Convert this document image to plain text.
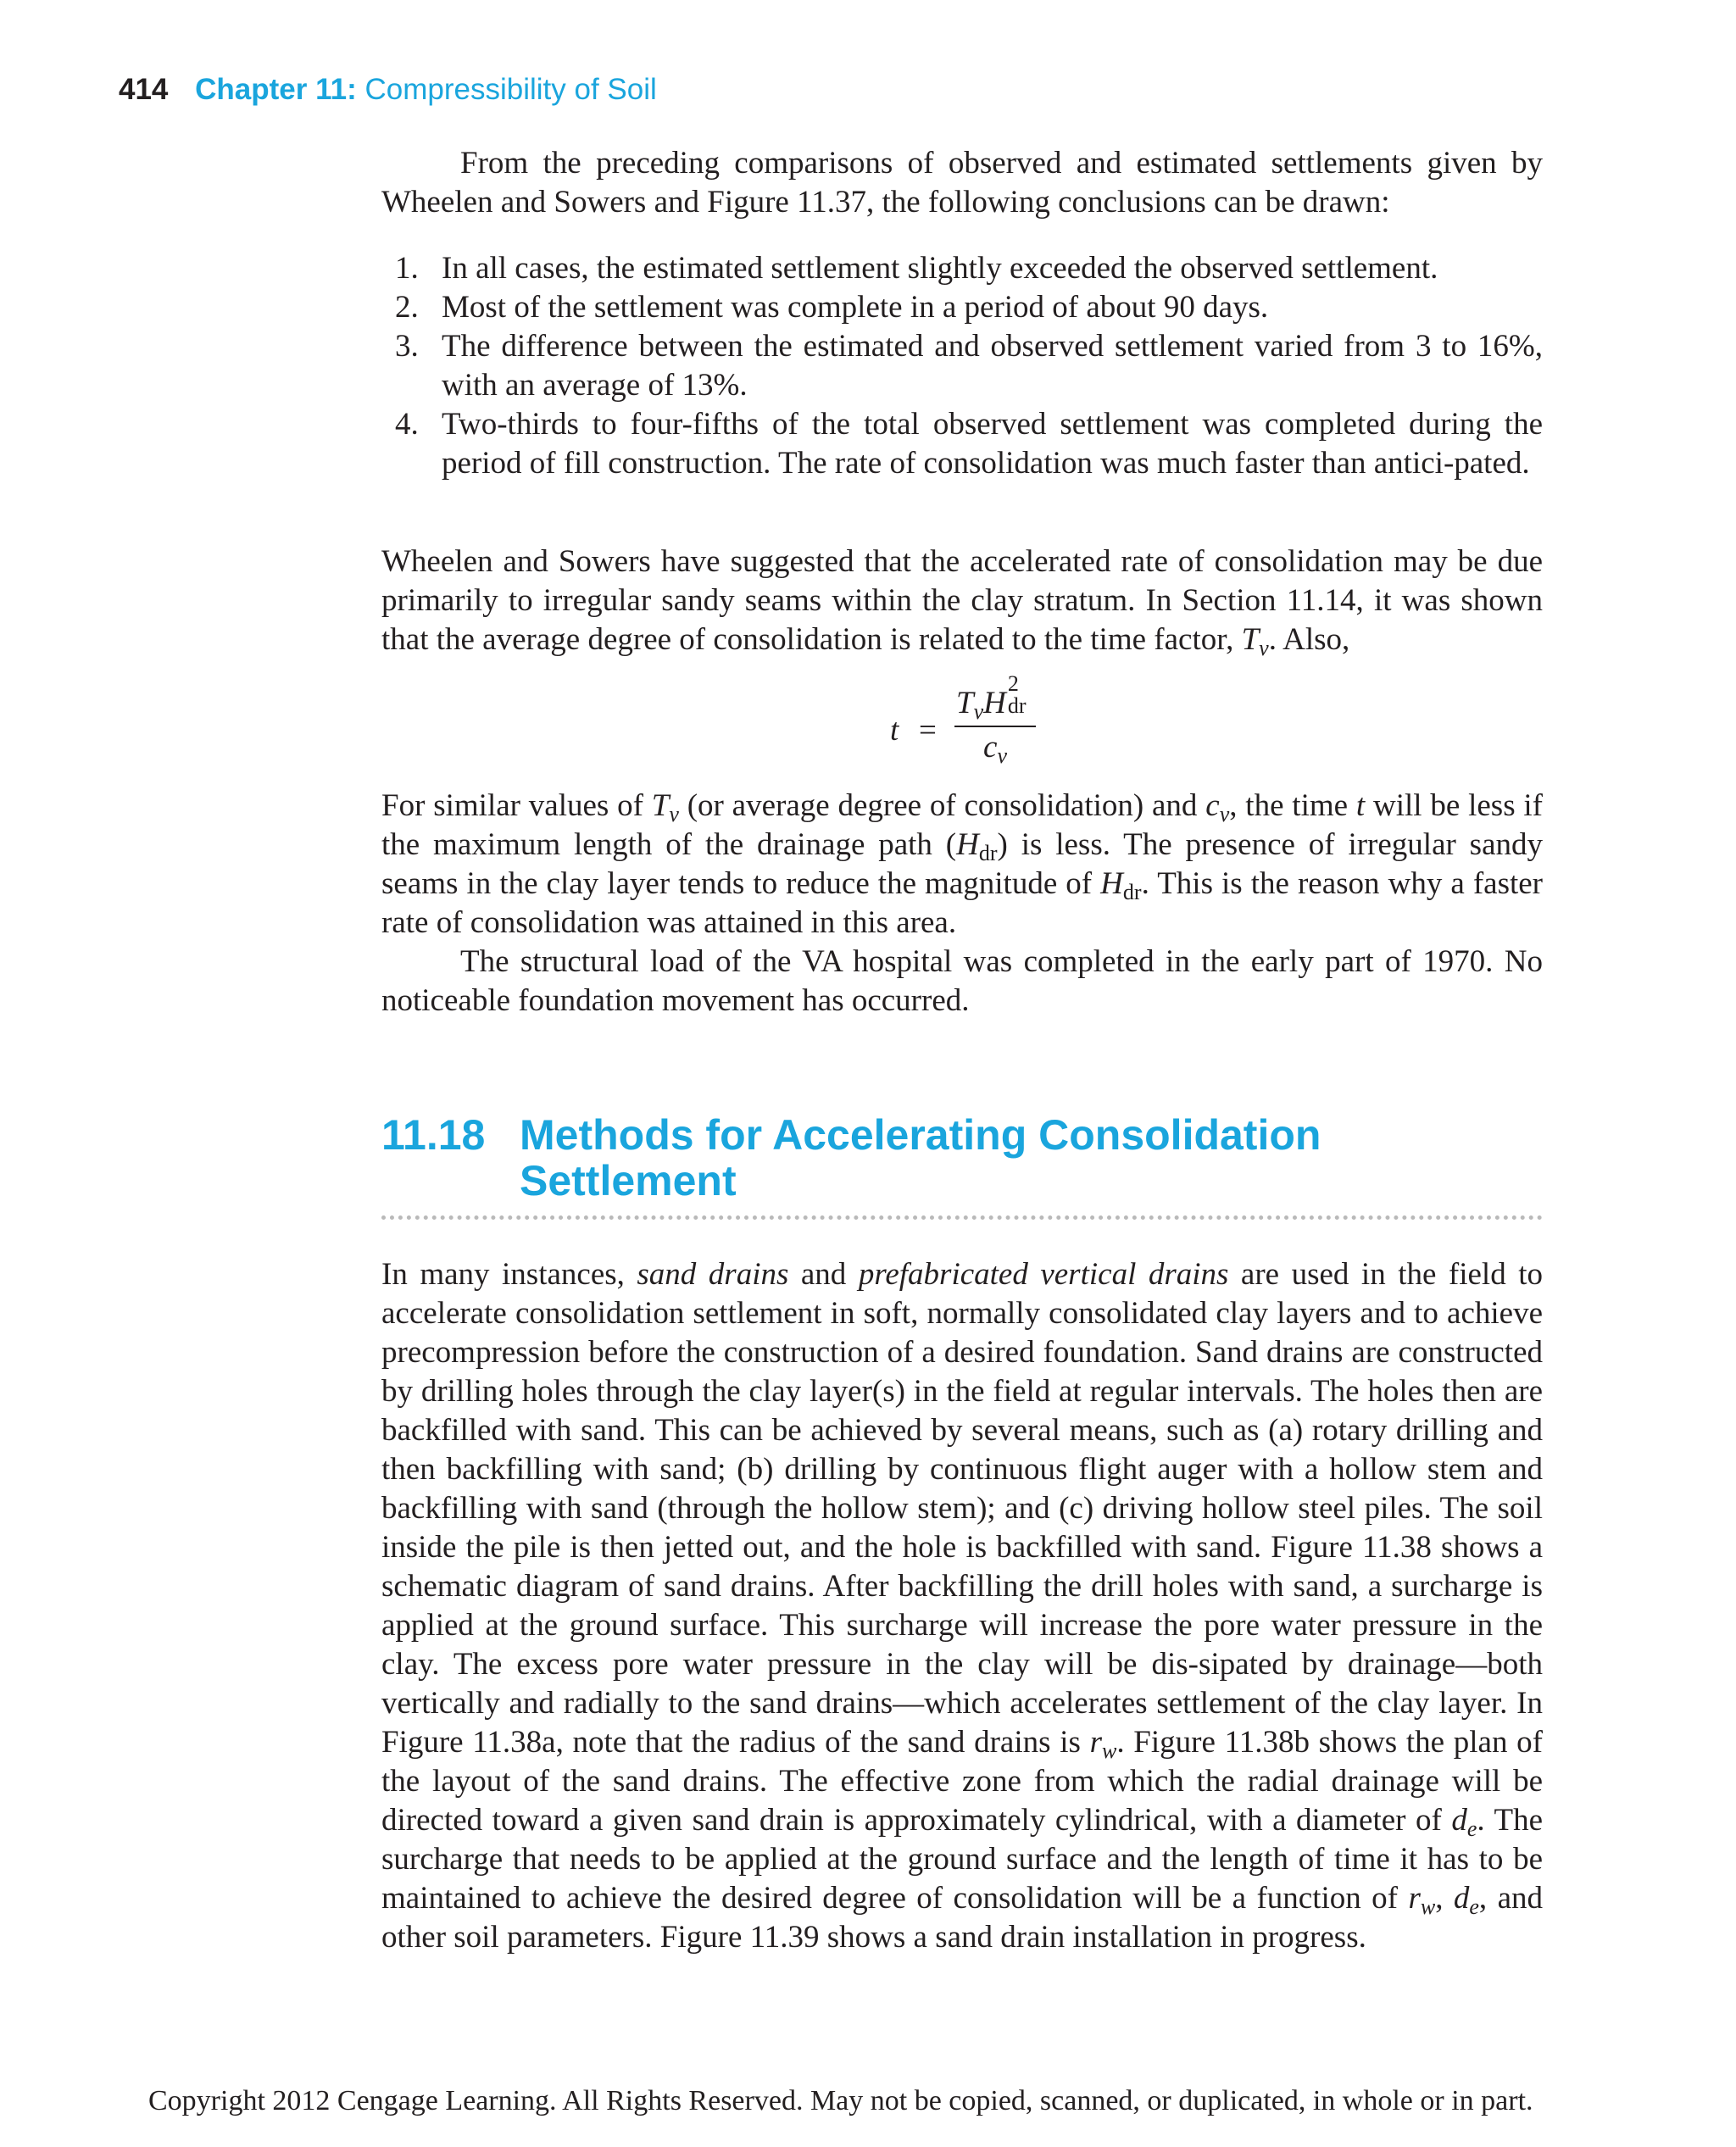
414 Chapter 11: Compressibility of Soil

From the preceding comparisons of observed and estimated settlements given by Wheelen and Sowers and Figure 11.37, the following conclusions can be drawn:

1. In all cases, the estimated settlement slightly exceeded the observed settlement.
2. Most of the settlement was complete in a period of about 90 days.
3. The difference between the estimated and observed settlement varied from 3 to 16%, with an average of 13%.
4. Two-thirds to four-fifths of the total observed settlement was completed during the period of fill construction. The rate of consolidation was much faster than antici-pated.

Wheelen and Sowers have suggested that the accelerated rate of consolidation may be due primarily to irregular sandy seams within the clay stratum. In Section 11.14, it was shown that the average degree of consolidation is related to the time factor, $T_v$. Also,

t =
$T_vH$
2
dr
$c_v$

For similar values of $T_v$ (or average degree of consolidation) and $c_v$, the time t will be less if the maximum length of the drainage path $(H_{dr})$ is less. The presence of irregular sandy seams in the clay layer tends to reduce the magnitude of $H_{dr}$. This is the reason why a faster rate of consolidation was attained in this area.

The structural load of the VA hospital was completed in the early part of 1970. No noticeable foundation movement has occurred.

11.18 Methods for Accelerating Consolidation Settlement

In many instances, sand drains and prefabricated vertical drains are used in the field to accelerate consolidation settlement in soft, normally consolidated clay layers and to achieve precompression before the construction of a desired foundation. Sand drains are constructed by drilling holes through the clay layer(s) in the field at regular intervals. The holes then are backfilled with sand. This can be achieved by several means, such as (a) rotary drilling and then backfilling with sand; (b) drilling by continuous flight auger with a hollow stem and backfilling with sand (through the hollow stem); and (c) driving hollow steel piles. The soil inside the pile is then jetted out, and the hole is backfilled with sand. Figure 11.38 shows a schematic diagram of sand drains. After backfilling the drill holes with sand, a surcharge is applied at the ground surface. This surcharge will increase the pore water pressure in the clay. The excess pore water pressure in the clay will be dis-sipated by drainage—both vertically and radially to the sand drains—which accelerates settlement of the clay layer. In Figure 11.38a, note that the radius of the sand drains is $r_w$. Figure 11.38b shows the plan of the layout of the sand drains. The effective zone from which the radial drainage will be directed toward a given sand drain is approximately cylindrical, with a diameter of $d_e$. The surcharge that needs to be applied at the ground surface and the length of time it has to be maintained to achieve the desired degree of consolidation will be a function of $r_w$, $d_e$, and other soil parameters. Figure 11.39 shows a sand drain installation in progress.

Copyright 2012 Cengage Learning. All Rights Reserved. May not be copied, scanned, or duplicated, in whole or in part.
